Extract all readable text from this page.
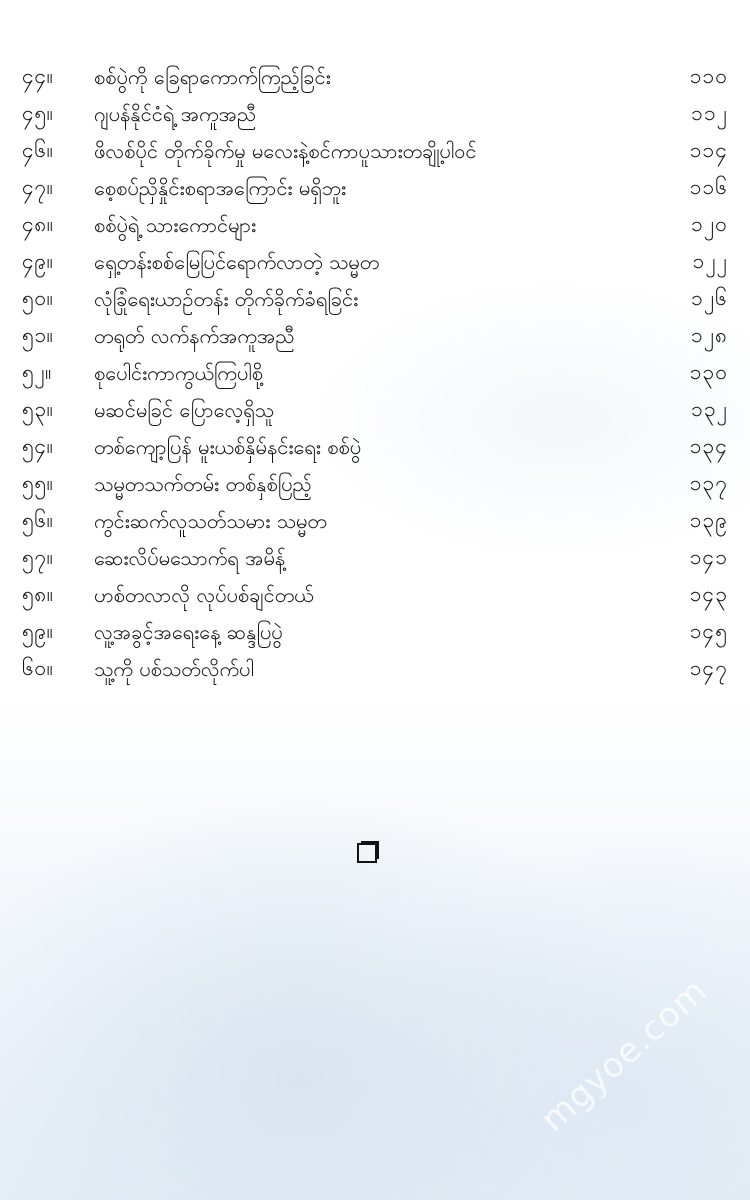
၄၄။	စစ်ပွဲကို ခြေရာကောက်ကြည့်ခြင်း	၁၁၀
၄၅။	ဂျပန်နိုင်ငံရဲ့ အကူအညီ	၁၁၂
၄၆။	ဖိလစ်ပိုင် တိုက်ခိုက်မှု မလေးနဲ့စင်ကာပူသားတချို့ပါဝင်	၁၁၄
၄၇။	စေ့စပ်ညှိနှိုင်းစရာအကြောင်း မရှိဘူး	၁၁၆
၄၈။	စစ်ပွဲရဲ့ သားကောင်များ	၁၂၀
၄၉။	ရှေ့တန်းစစ်မြေပြင်ရောက်လာတဲ့ သမ္မတ	၁၂၂
၅၀။	လုံခြုံရေးယာဉ်တန်း တိုက်ခိုက်ခံရခြင်း	၁၂၆
၅၁။	တရုတ် လက်နက်အကူအညီ	၁၂၈
၅၂။	စုပေါင်းကာကွယ်ကြပါစို့	၁၃၀
၅၃။	မဆင်မခြင် ပြောလေ့ရှိသူ	၁၃၂
၅၄။	တစ်ကျော့ပြန် မူးယစ်နှိမ်နင်းရေး စစ်ပွဲ	၁၃၄
၅၅။	သမ္မတသက်တမ်း တစ်နှစ်ပြည့်	၁၃၇
၅၆။	ကွင်းဆက်လူသတ်သမား သမ္မတ	၁၃၉
၅၇။	ဆေးလိပ်မသောက်ရ အမိန့်	၁၄၁
၅၈။	ဟစ်တလာလို လုပ်ပစ်ချင်တယ်	၁၄၃
၅၉။	လူ့အခွင့်အရေးနေ့ ဆန္ဒပြပွဲ	၁၄၅
၆၀။	သူ့ကို ပစ်သတ်လိုက်ပါ	၁၄၇
mgyoe.com
